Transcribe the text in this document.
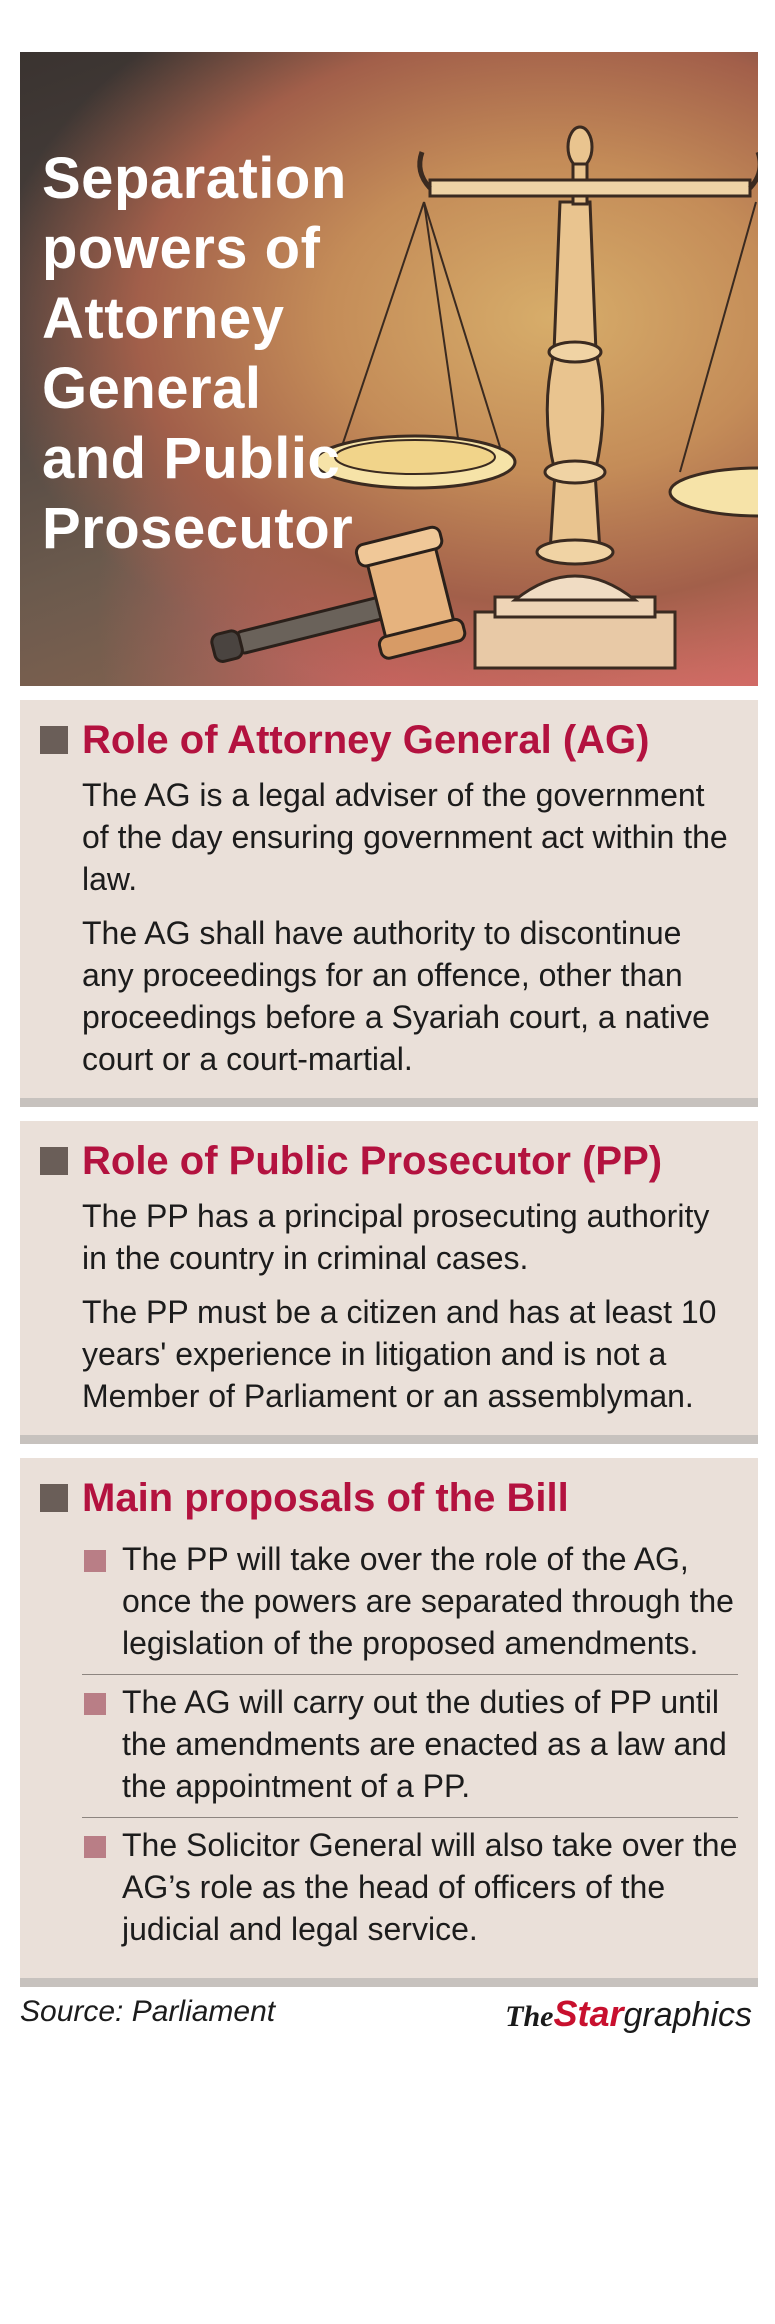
Separation
powers of
Attorney
General
and Public
Prosecutor
Role of Attorney General (AG)

The AG is a legal adviser of the government of the day ensuring government act within the law.

The AG shall have authority to discontinue any proceedings for an offence, other than proceedings before a Syariah court, a native court or a court-martial.

Role of Public Prosecutor (PP)

The PP has a principal prosecuting authority in the country in criminal cases.

The PP must be a citizen and has at least 10 years' experience in litigation and is not a Member of Parliament or an assemblyman.

Main proposals of the Bill
The PP will take over the role of the AG, once the powers are separated through the legislation of the proposed amendments.
The AG will carry out the duties of PP until the amendments are enacted as a law and the appointment of a PP.
The Solicitor General will also take over the AG’s role as the head of officers of the judicial and legal service.
Source: Parliament	TheStargraphics
